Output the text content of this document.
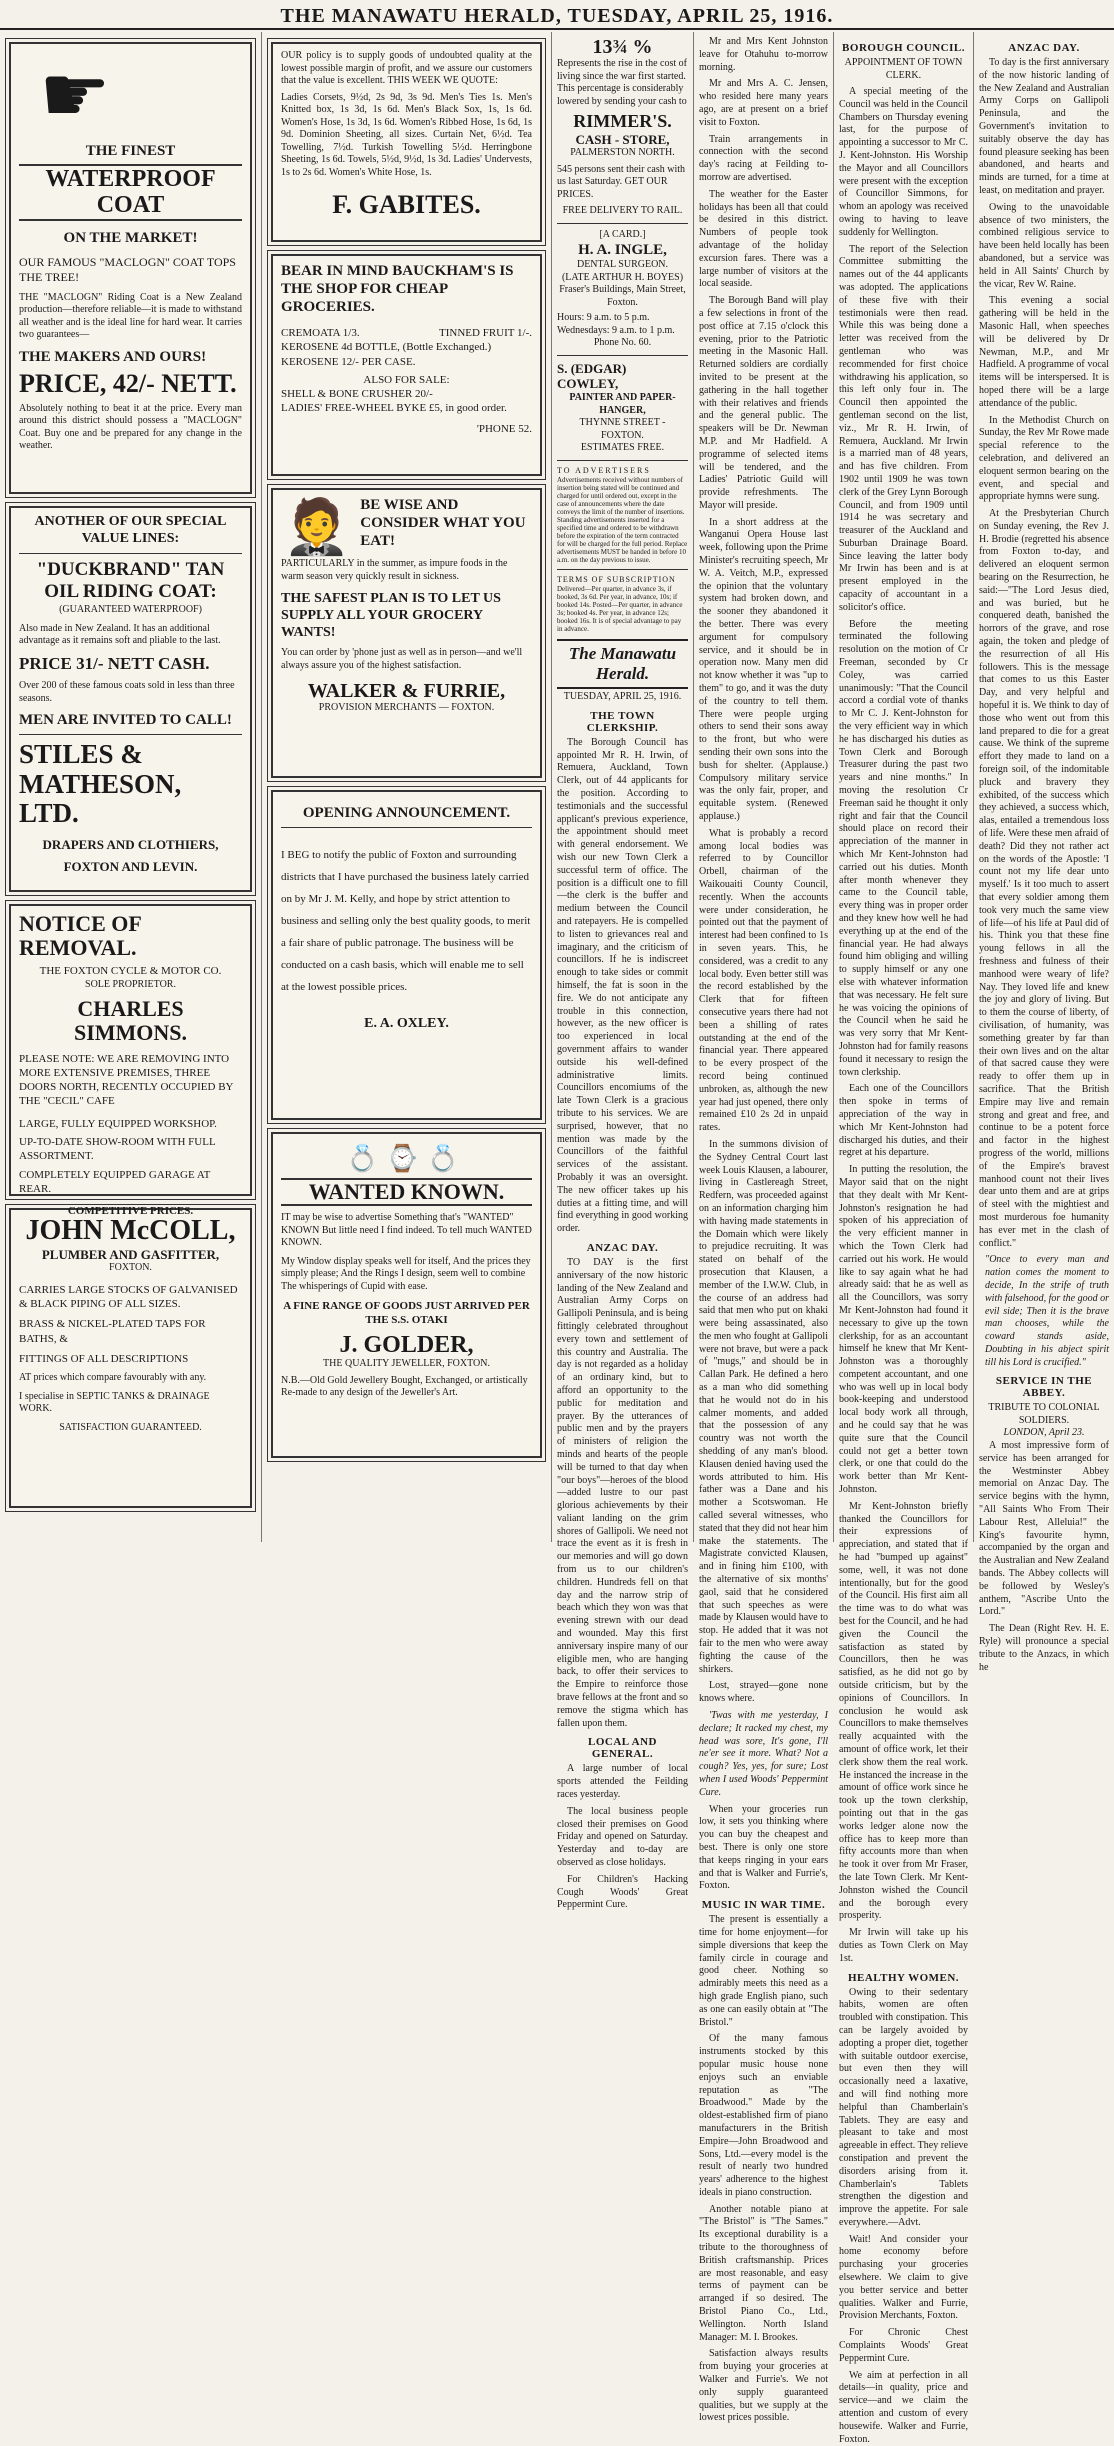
THE MANAWATU HERALD, TUESDAY, APRIL 25, 1916.
☛
THE FINEST
WATERPROOF COAT
ON THE MARKET!
OUR FAMOUS "MACLOGN" COAT TOPS THE TREE!
THE "MACLOGN" Riding Coat is a New Zealand production—therefore reliable—it is made to withstand all weather and is the ideal line for hard wear. It carries two guarantees—
THE MAKERS AND OURS!
PRICE, 42/- NETT.
Absolutely nothing to beat it at the price. Every man around this district should possess a "MACLOGN" Coat. Buy one and be prepared for any change in the weather.
ANOTHER OF OUR SPECIAL VALUE LINES:
"DUCKBRAND" TAN OIL RIDING COAT:
(GUARANTEED WATERPROOF)
Also made in New Zealand. It has an additional advantage as it remains soft and pliable to the last.
PRICE 31/- NETT CASH.
Over 200 of these famous coats sold in less than three seasons.
MEN ARE INVITED TO CALL!
STILES & MATHESON, LTD.
DRAPERS AND CLOTHIERS,
FOXTON AND LEVIN.
NOTICE OF REMOVAL.
THE FOXTON CYCLE & MOTOR CO.
SOLE PROPRIETOR.
CHARLES SIMMONS.
PLEASE NOTE: WE ARE REMOVING INTO MORE EXTENSIVE PREMISES, THREE DOORS NORTH, RECENTLY OCCUPIED BY THE "CECIL" CAFE
LARGE, FULLY EQUIPPED WORKSHOP.
UP-TO-DATE SHOW-ROOM WITH FULL ASSORTMENT.
COMPLETELY EQUIPPED GARAGE AT REAR.
COMPETITIVE PRICES.
JOHN McCOLL,
PLUMBER AND GASFITTER,
FOXTON.
CARRIES LARGE STOCKS OF GALVANISED & BLACK PIPING OF ALL SIZES.
BRASS & NICKEL-PLATED TAPS FOR BATHS, &
FITTINGS OF ALL DESCRIPTIONS
AT prices which compare favourably with any.
I specialise in SEPTIC TANKS & DRAINAGE WORK.
SATISFACTION GUARANTEED.
OUR policy is to supply goods of undoubted quality at the lowest possible margin of profit, and we assure our customers that the value is excellent. THIS WEEK WE QUOTE:
Ladies Corsets, 9½d, 2s 9d, 3s 9d. Men's Ties 1s. Men's Knitted box, 1s 3d, 1s 6d. Men's Black Sox, 1s, 1s 6d. Women's Hose, 1s 3d, 1s 6d. Women's Ribbed Hose, 1s 6d, 1s 9d. Dominion Sheeting, all sizes. Curtain Net, 6½d. Tea Towelling, 7½d. Turkish Towelling 5½d. Herringbone Sheeting, 1s 6d. Towels, 5½d, 9½d, 1s 3d. Ladies' Undervests, 1s to 2s 6d. Women's White Hose, 1s.
F. GABITES.
BEAR IN MIND BAUCKHAM'S IS THE SHOP FOR CHEAP GROCERIES.
CREMOATA 1/3.	TINNED FRUIT 1/-.
KEROSENE 4d BOTTLE, (Bottle Exchanged.)
KEROSENE 12/- PER CASE.
ALSO FOR SALE:
SHELL & BONE CRUSHER 20/-
LADIES' FREE-WHEEL BYKE £5, in good order.
'PHONE 52.
🤵 BE WISE AND CONSIDER WHAT YOU EAT!
PARTICULARLY in the summer, as impure foods in the warm season very quickly result in sickness.
THE SAFEST PLAN IS TO LET US SUPPLY ALL YOUR GROCERY WANTS!
You can order by 'phone just as well as in person—and we'll always assure you of the highest satisfaction.
WALKER & FURRIE,
PROVISION MERCHANTS — FOXTON.
OPENING ANNOUNCEMENT.
I BEG to notify the public of Foxton and surrounding districts that I have purchased the business lately carried on by Mr J. M. Kelly, and hope by strict attention to business and selling only the best quality goods, to merit a fair share of public patronage. The business will be conducted on a cash basis, which will enable me to sell at the lowest possible prices.
E. A. OXLEY.
💍⌚💍
WANTED KNOWN.
IT may be wise to advertise Something that's "WANTED" KNOWN But little need I find indeed. To tell much WANTED KNOWN.
My Window display speaks well for itself, And the prices they simply please; And the Rings I design, seem well to combine The whisperings of Cupid with ease.
A FINE RANGE OF GOODS JUST ARRIVED PER THE S.S. OTAKI
J. GOLDER,
THE QUALITY JEWELLER, FOXTON.
N.B.—Old Gold Jewellery Bought, Exchanged, or artistically Re-made to any design of the Jeweller's Art.
13¾ %
Represents the rise in the cost of living since the war first started. This percentage is considerably lowered by sending your cash to
RIMMER'S.
CASH - STORE,
PALMERSTON NORTH.
545 persons sent their cash with us last Saturday. GET OUR PRICES.
FREE DELIVERY TO RAIL.
[A CARD.]
H. A. INGLE,
DENTAL SURGEON.
(LATE ARTHUR H. BOYES)
Fraser's Buildings, Main Street, Foxton.
Hours: 9 a.m. to 5 p.m. Wednesdays: 9 a.m. to 1 p.m.
Phone No. 60.
S. (EDGAR) COWLEY,
PAINTER AND PAPER-HANGER,
THYNNE STREET - FOXTON.
ESTIMATES FREE.
TO ADVERTISERS
Advertisements received without numbers of insertion being stated will be continued and charged for until ordered out, except in the case of announcements where the date conveys the limit of the number of insertions. Standing advertisements inserted for a specified time and ordered to be withdrawn before the expiration of the term contracted for will be charged for the full period. Replace advertisements MUST be handed in before 10 a.m. on the day previous to issue.
TERMS OF SUBSCRIPTION
Delivered—Per quarter, in advance 3s, if booked, 3s 6d. Per year, in advance, 10s; if booked 14s. Posted—Per quarter, in advance 3s; booked 4s. Per year, in advance 12s; booked 16s. It is of special advantage to pay in advance.
The Manawatu Herald.
TUESDAY, APRIL 25, 1916.
THE TOWN CLERKSHIP.
The Borough Council has appointed Mr R. H. Irwin, of Remuera, Auckland, Town Clerk, out of 44 applicants for the position. According to testimonials and the successful applicant's previous experience, the appointment should meet with general endorsement. We wish our new Town Clerk a successful term of office. The position is a difficult one to fill—the clerk is the buffer and medium between the Council and ratepayers. He is compelled to listen to grievances real and imaginary, and the criticism of councillors. If he is indiscreet enough to take sides or commit himself, the fat is soon in the fire. We do not anticipate any trouble in this connection, however, as the new officer is too experienced in local government affairs to wander outside his well-defined administrative limits. Councillors encomiums of the late Town Clerk is a gracious tribute to his services. We are surprised, however, that no mention was made by the Councillors of the faithful services of the assistant. Probably it was an oversight. The new officer takes up his duties at a fitting time, and will find everything in good working order.
ANZAC DAY.
TO DAY is the first anniversary of the now historic landing of the New Zealand and Australian Army Corps on Gallipoli Peninsula, and is being fittingly celebrated throughout every town and settlement of this country and Australia. The day is not regarded as a holiday of an ordinary kind, but to afford an opportunity to the public for meditation and prayer. By the utterances of public men and by the prayers of ministers of religion the minds and hearts of the people will be turned to that day when "our boys"—heroes of the blood—added lustre to our past glorious achievements by their valiant landing on the grim shores of Gallipoli. We need not trace the event as it is fresh in our memories and will go down from us to our children's children. Hundreds fell on that day and the narrow strip of beach which they won was that evening strewn with our dead and wounded. May this first anniversary inspire many of our eligible men, who are hanging back, to offer their services to the Empire to reinforce those brave fellows at the front and so remove the stigma which has fallen upon them.
LOCAL AND GENERAL.
A large number of local sports attended the Feilding races yesterday.
The local business people closed their premises on Good Friday and opened on Saturday. Yesterday and to-day are observed as close holidays.
For Children's Hacking Cough Woods' Great Peppermint Cure.
Mr and Mrs Kent Johnston leave for Otahuhu to-morrow morning.
Mr and Mrs A. C. Jensen, who resided here many years ago, are at present on a brief visit to Foxton.
Train arrangements in connection with the second day's racing at Feilding to-morrow are advertised.
The weather for the Easter holidays has been all that could be desired in this district. Numbers of people took advantage of the holiday excursion fares. There was a large number of visitors at the local seaside.
The Borough Band will play a few selections in front of the post office at 7.15 o'clock this evening, prior to the Patriotic meeting in the Masonic Hall. Returned soldiers are cordially invited to be present at the gathering in the hall together with their relatives and friends and the general public. The speakers will be Dr. Newman M.P. and Mr Hadfield. A programme of selected items will be tendered, and the Ladies' Patriotic Guild will provide refreshments. The Mayor will preside.
In a short address at the Wanganui Opera House last week, following upon the Prime Minister's recruiting speech, Mr W. A. Veitch, M.P., expressed the opinion that the voluntary system had broken down, and the sooner they abandoned it the better. There was every argument for compulsory service, and it should be in operation now. Many men did not know whether it was "up to them" to go, and it was the duty of the country to tell them. There were people urging others to send their sons away to the front, but who were sending their own sons into the bush for shelter. (Applause.) Compulsory military service was the only fair, proper, and equitable system. (Renewed applause.)
What is probably a record among local bodies was referred to by Councillor Orbell, chairman of the Waikouaiti County Council, recently. When the accounts were under consideration, he pointed out that the payment of interest had been confined to 1s in seven years. This, he considered, was a credit to any local body. Even better still was the record established by the Clerk that for fifteen consecutive years there had not been a shilling of rates outstanding at the end of the financial year. There appeared to be every prospect of the record being continued unbroken, as, although the new year had just opened, there only remained £10 2s 2d in unpaid rates.
In the summons division of the Sydney Central Court last week Louis Klausen, a labourer, living in Castlereagh Street, Redfern, was proceeded against on an information charging him with having made statements in the Domain which were likely to prejudice recruiting. It was stated on behalf of the prosecution that Klausen, a member of the I.W.W. Club, in the course of an address had said that men who put on khaki were being assassinated, also the men who fought at Gallipoli were not brave, but were a pack of "mugs," and should be in Callan Park. He defined a hero as a man who did something that he would not do in his calmer moments, and added that the possession of any country was not worth the shedding of any man's blood. Klausen denied having used the words attributed to him. His father was a Dane and his mother a Scotswoman. He called several witnesses, who stated that they did not hear him make the statements. The Magistrate convicted Klausen, and in fining him £100, with the alternative of six months' gaol, said that he considered that such speeches as were made by Klausen would have to stop. He added that it was not fair to the men who were away fighting the cause of the shirkers.
Lost, strayed—gone none knows where.
'Twas with me yesterday, I declare; It racked my chest, my head was sore, It's gone, I'll ne'er see it more. What? Not a cough? Yes, yes, for sure; Lost when I used Woods' Peppermint Cure.
When your groceries run low, it sets you thinking where you can buy the cheapest and best. There is only one store that keeps ringing in your ears and that is Walker and Furrie's, Foxton.
MUSIC IN WAR TIME.
The present is essentially a time for home enjoyment—for simple diversions that keep the family circle in courage and good cheer. Nothing so admirably meets this need as a high grade English piano, such as one can easily obtain at "The Bristol."
Of the many famous instruments stocked by this popular music house none enjoys such an enviable reputation as "The Broadwood." Made by the oldest-established firm of piano manufacturers in the British Empire—John Broadwood and Sons, Ltd.—every model is the result of nearly two hundred years' adherence to the highest ideals in piano construction.
Another notable piano at "The Bristol" is "The Sames." Its exceptional durability is a tribute to the thoroughness of British craftsmanship. Prices are most reasonable, and easy terms of payment can be arranged if so desired. The Bristol Piano Co., Ltd., Wellington. North Island Manager: M. I. Brookes.
Satisfaction always results from buying your groceries at Walker and Furrie's. We not only supply guaranteed qualities, but we supply at the lowest prices possible.
BOROUGH COUNCIL.
APPOINTMENT OF TOWN CLERK.
A special meeting of the Council was held in the Council Chambers on Thursday evening last, for the purpose of appointing a successor to Mr C. J. Kent-Johnston. His Worship the Mayor and all Councillors were present with the exception of Councillor Simmons, for whom an apology was received owing to having to leave suddenly for Wellington.
The report of the Selection Committee submitting the names out of the 44 applicants was adopted. The applications of these five with their testimonials were then read. While this was being done a letter was received from the gentleman who was recommended for first choice withdrawing his application, so this left only four in. The Council then appointed the gentleman second on the list, viz., Mr R. H. Irwin, of Remuera, Auckland. Mr Irwin is a married man of 48 years, and has five children. From 1902 until 1909 he was town clerk of the Grey Lynn Borough Council, and from 1909 until 1914 he was secretary and treasurer of the Auckland and Suburban Drainage Board. Since leaving the latter body Mr Irwin has been and is at present employed in the capacity of accountant in a solicitor's office.
Before the meeting terminated the following resolution on the motion of Cr Freeman, seconded by Cr Coley, was carried unanimously: "That the Council accord a cordial vote of thanks to Mr C. J. Kent-Johnston for the very efficient way in which he has discharged his duties as Town Clerk and Borough Treasurer during the past two years and nine months." In moving the resolution Cr Freeman said he thought it only right and fair that the Council should place on record their appreciation of the manner in which Mr Kent-Johnston had carried out his duties. Month after month whenever they came to the Council table, every thing was in proper order and they knew how well he had everything up at the end of the financial year. He had always found him obliging and willing to supply himself or any one else with whatever information that was necessary. He felt sure he was voicing the opinions of the Council when he said he was very sorry that Mr Kent-Johnston had for family reasons found it necessary to resign the town clerkship.
Each one of the Councillors then spoke in terms of appreciation of the way in which Mr Kent-Johnston had discharged his duties, and their regret at his departure.
In putting the resolution, the Mayor said that on the night that they dealt with Mr Kent-Johnston's resignation he had spoken of his appreciation of the very efficient manner in which the Town Clerk had carried out his work. He would like to say again what he had already said: that he as well as all the Councillors, was sorry Mr Kent-Johnston had found it necessary to give up the town clerkship, for as an accountant himself he knew that Mr Kent-Johnston was a thoroughly competent accountant, and one who was well up in local body book-keeping and understood local body work all through, and he could say that he was quite sure that the Council could not get a better town clerk, or one that could do the work better than Mr Kent-Johnston.
Mr Kent-Johnston briefly thanked the Councillors for their expressions of appreciation, and stated that if he had "bumped up against" some, well, it was not done intentionally, but for the good of the Council. His first aim all the time was to do what was best for the Council, and he had given the Council the satisfaction as stated by Councillors, then he was satisfied, as he did not go by outside criticism, but by the opinions of Councillors. In conclusion he would ask Councillors to make themselves really acquainted with the amount of office work, let their clerk show them the real work. He instanced the increase in the amount of office work since he took up the town clerkship, pointing out that in the gas works ledger alone now the office has to keep more than fifty accounts more than when he took it over from Mr Fraser, the late Town Clerk. Mr Kent-Johnston wished the Council and the borough every prosperity.
Mr Irwin will take up his duties as Town Clerk on May 1st.
HEALTHY WOMEN.
Owing to their sedentary habits, women are often troubled with constipation. This can be largely avoided by adopting a proper diet, together with suitable outdoor exercise, but even then they will occasionally need a laxative, and will find nothing more helpful than Chamberlain's Tablets. They are easy and pleasant to take and most agreeable in effect. They relieve constipation and prevent the disorders arising from it. Chamberlain's Tablets strengthen the digestion and improve the appetite. For sale everywhere.—Advt.
Wait! And consider your home economy before purchasing your groceries elsewhere. We claim to give you better service and better qualities. Walker and Furrie, Provision Merchants, Foxton.
For Chronic Chest Complaints Woods' Great Peppermint Cure.
We aim at perfection in all details—in quality, price and service—and we claim the attention and custom of every housewife. Walker and Furrie, Foxton.
ANZAC DAY.
To day is the first anniversary of the now historic landing of the New Zealand and Australian Army Corps on Gallipoli Peninsula, and the Government's invitation to suitably observe the day has found pleasure seeking has been abandoned, and hearts and minds are turned, for a time at least, on meditation and prayer.
Owing to the unavoidable absence of two ministers, the combined religious service to have been held locally has been abandoned, but a service was held in All Saints' Church by the vicar, Rev W. Raine.
This evening a social gathering will be held in the Masonic Hall, when speeches will be delivered by Dr Newman, M.P., and Mr Hadfield. A programme of vocal items will be interspersed. It is hoped there will be a large attendance of the public.
In the Methodist Church on Sunday, the Rev Mr Rowe made special reference to the celebration, and delivered an eloquent sermon bearing on the event, and special and appropriate hymns were sung.
At the Presbyterian Church on Sunday evening, the Rev J. H. Brodie (regretted his absence from Foxton to-day, and delivered an eloquent sermon bearing on the Resurrection, he said:—"The Lord Jesus died, and was buried, but he conquered death, banished the horrors of the grave, and rose again, the token and pledge of the resurrection of all His followers. This is the message that comes to us this Easter Day, and very helpful and hopeful it is. We think to day of those who went out from this land prepared to die for a great cause. We think of the supreme effort they made to land on a foreign soil, of the indomitable pluck and bravery they exhibited, of the success which they achieved, a success which, alas, entailed a tremendous loss of life. Were these men afraid of death? Did they not rather act on the words of the Apostle: 'I count not my life dear unto myself.' Is it too much to assert that every soldier among them took very much the same view of life—of his life at Paul did of his. Think you that these fine young fellows in all the freshness and fulness of their manhood were weary of life? Nay. They loved life and knew the joy and glory of living. But to them the course of liberty, of civilisation, of humanity, was something greater by far than their own lives and on the altar of that sacred cause they were ready to offer them up in sacrifice. That the British Empire may live and remain strong and great and free, and continue to be a potent force and factor in the highest progress of the world, millions of the Empire's bravest manhood count not their lives dear unto them and are at grips of steel with the mightiest and most murderous foe humanity has ever met in the clash of conflict."
"Once to every man and nation comes the moment to decide, In the strife of truth with falsehood, for the good or evil side; Then it is the brave man chooses, while the coward stands aside, Doubting in his abject spirit till his Lord is crucified."
SERVICE IN THE ABBEY.
TRIBUTE TO COLONIAL SOLDIERS.
LONDON, April 23.
A most impressive form of service has been arranged for the Westminster Abbey memorial on Anzac Day. The service begins with the hymn, "All Saints Who From Their Labour Rest, Alleluia!" the King's favourite hymn, accompanied by the organ and the Australian and New Zealand bands. The Abbey collects will be followed by Wesley's anthem, "Ascribe Unto the Lord."
The Dean (Right Rev. H. E. Ryle) will pronounce a special tribute to the Anzacs, in which he
